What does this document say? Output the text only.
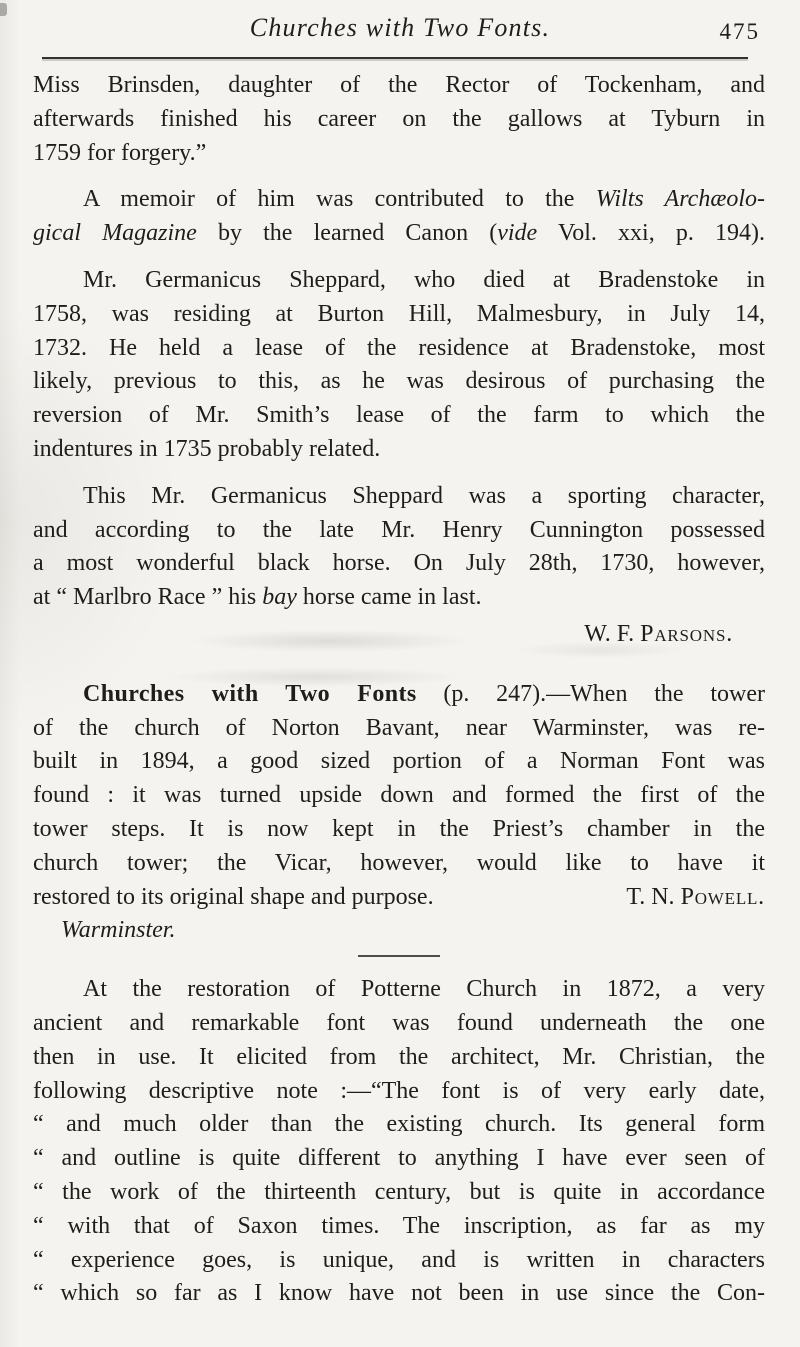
Churches with Two Fonts.	475
Miss Brinsden, daughter of the Rector of Tockenham, and
afterwards finished his career on the gallows at Tyburn in
1759 for forgery.”
A memoir of him was contributed to the Wilts Archæolo-
gical Magazine by the learned Canon (vide Vol. xxi, p. 194).
Mr. Germanicus Sheppard, who died at Bradenstoke in
1758, was residing at Burton Hill, Malmesbury, in July 14,
1732. He held a lease of the residence at Bradenstoke, most
likely, previous to this, as he was desirous of purchasing the
reversion of Mr. Smith’s lease of the farm to which the
indentures in 1735 probably related.
This Mr. Germanicus Sheppard was a sporting character,
and according to the late Mr. Henry Cunnington possessed
a most wonderful black horse. On July 28th, 1730, however,
at “ Marlbro Race ” his bay horse came in last.
W. F. Parsons.
Churches with Two Fonts (p. 247).—When the tower
of the church of Norton Bavant, near Warminster, was re-
built in 1894, a good sized portion of a Norman Font was
found : it was turned upside down and formed the first of the
tower steps. It is now kept in the Priest’s chamber in the
church tower; the Vicar, however, would like to have it
restored to its original shape and purpose.	T. N. Powell.
Warminster.
At the restoration of Potterne Church in 1872, a very
ancient and remarkable font was found underneath the one
then in use. It elicited from the architect, Mr. Christian, the
following descriptive note :—“The font is of very early date,
“ and much older than the existing church. Its general form
“ and outline is quite different to anything I have ever seen of
“ the work of the thirteenth century, but is quite in accordance
“ with that of Saxon times. The inscription, as far as my
“ experience goes, is unique, and is written in characters
“ which so far as I know have not been in use since the Con-
